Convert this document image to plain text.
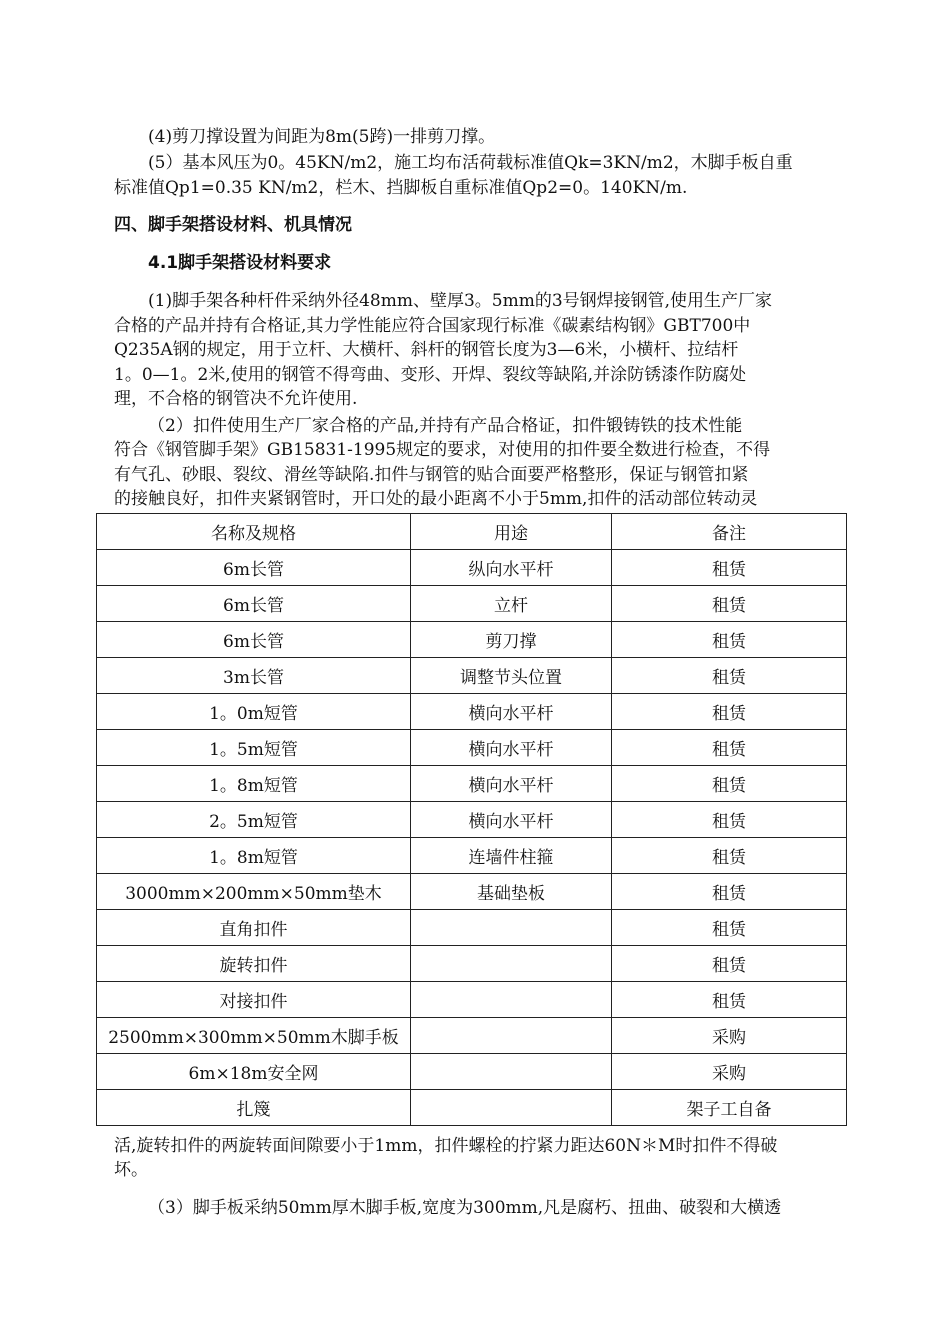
(4)剪刀撑设置为间距为8m(5跨)一排剪刀撑。
(5）基本风压为0。45KN/m2，施工均布活荷载标准值Qk=3KN/m2，木脚手板自重
标准值Qp1=0.35 KN/m2，栏木、挡脚板自重标准值Qp2=0。140KN/m.
四、脚手架搭设材料、机具情况
4.1脚手架搭设材料要求
(1)脚手架各种杆件采纳外径48mm、壁厚3。5mm的3号钢焊接钢管,使用生产厂家
合格的产品并持有合格证,其力学性能应符合国家现行标准《碳素结构钢》GBT700中
Q235A钢的规定，用于立杆、大横杆、斜杆的钢管长度为3—6米，小横杆、拉结杆
1。0—1。2米,使用的钢管不得弯曲、变形、开焊、裂纹等缺陷,并涂防锈漆作防腐处
理，不合格的钢管决不允许使用.
（2）扣件使用生产厂家合格的产品,并持有产品合格证，扣件锻铸铁的技术性能
符合《钢管脚手架》GB15831-1995规定的要求，对使用的扣件要全数进行检查，不得
有气孔、砂眼、裂纹、滑丝等缺陷.扣件与钢管的贴合面要严格整形，保证与钢管扣紧
的接触良好，扣件夹紧钢管时，开口处的最小距离不小于5mm,扣件的活动部位转动灵
名称及规格	用途	备注
6m长管	纵向水平杆	租赁
6m长管	立杆	租赁
6m长管	剪刀撑	租赁
3m长管	调整节头位置	租赁
1。0m短管	横向水平杆	租赁
1。5m短管	横向水平杆	租赁
1。8m短管	横向水平杆	租赁
2。5m短管	横向水平杆	租赁
1。8m短管	连墙件柱箍	租赁
3000mm×200mm×50mm垫木	基础垫板	租赁
直角扣件		租赁
旋转扣件		租赁
对接扣件		租赁
2500mm×300mm×50mm木脚手板		采购
6m×18m安全网		采购
扎篾		架子工自备
活,旋转扣件的两旋转面间隙要小于1mm，扣件螺栓的拧紧力距达60N＊M时扣件不得破
坏。
（3）脚手板采纳50mm厚木脚手板,宽度为300mm,凡是腐朽、扭曲、破裂和大横透
